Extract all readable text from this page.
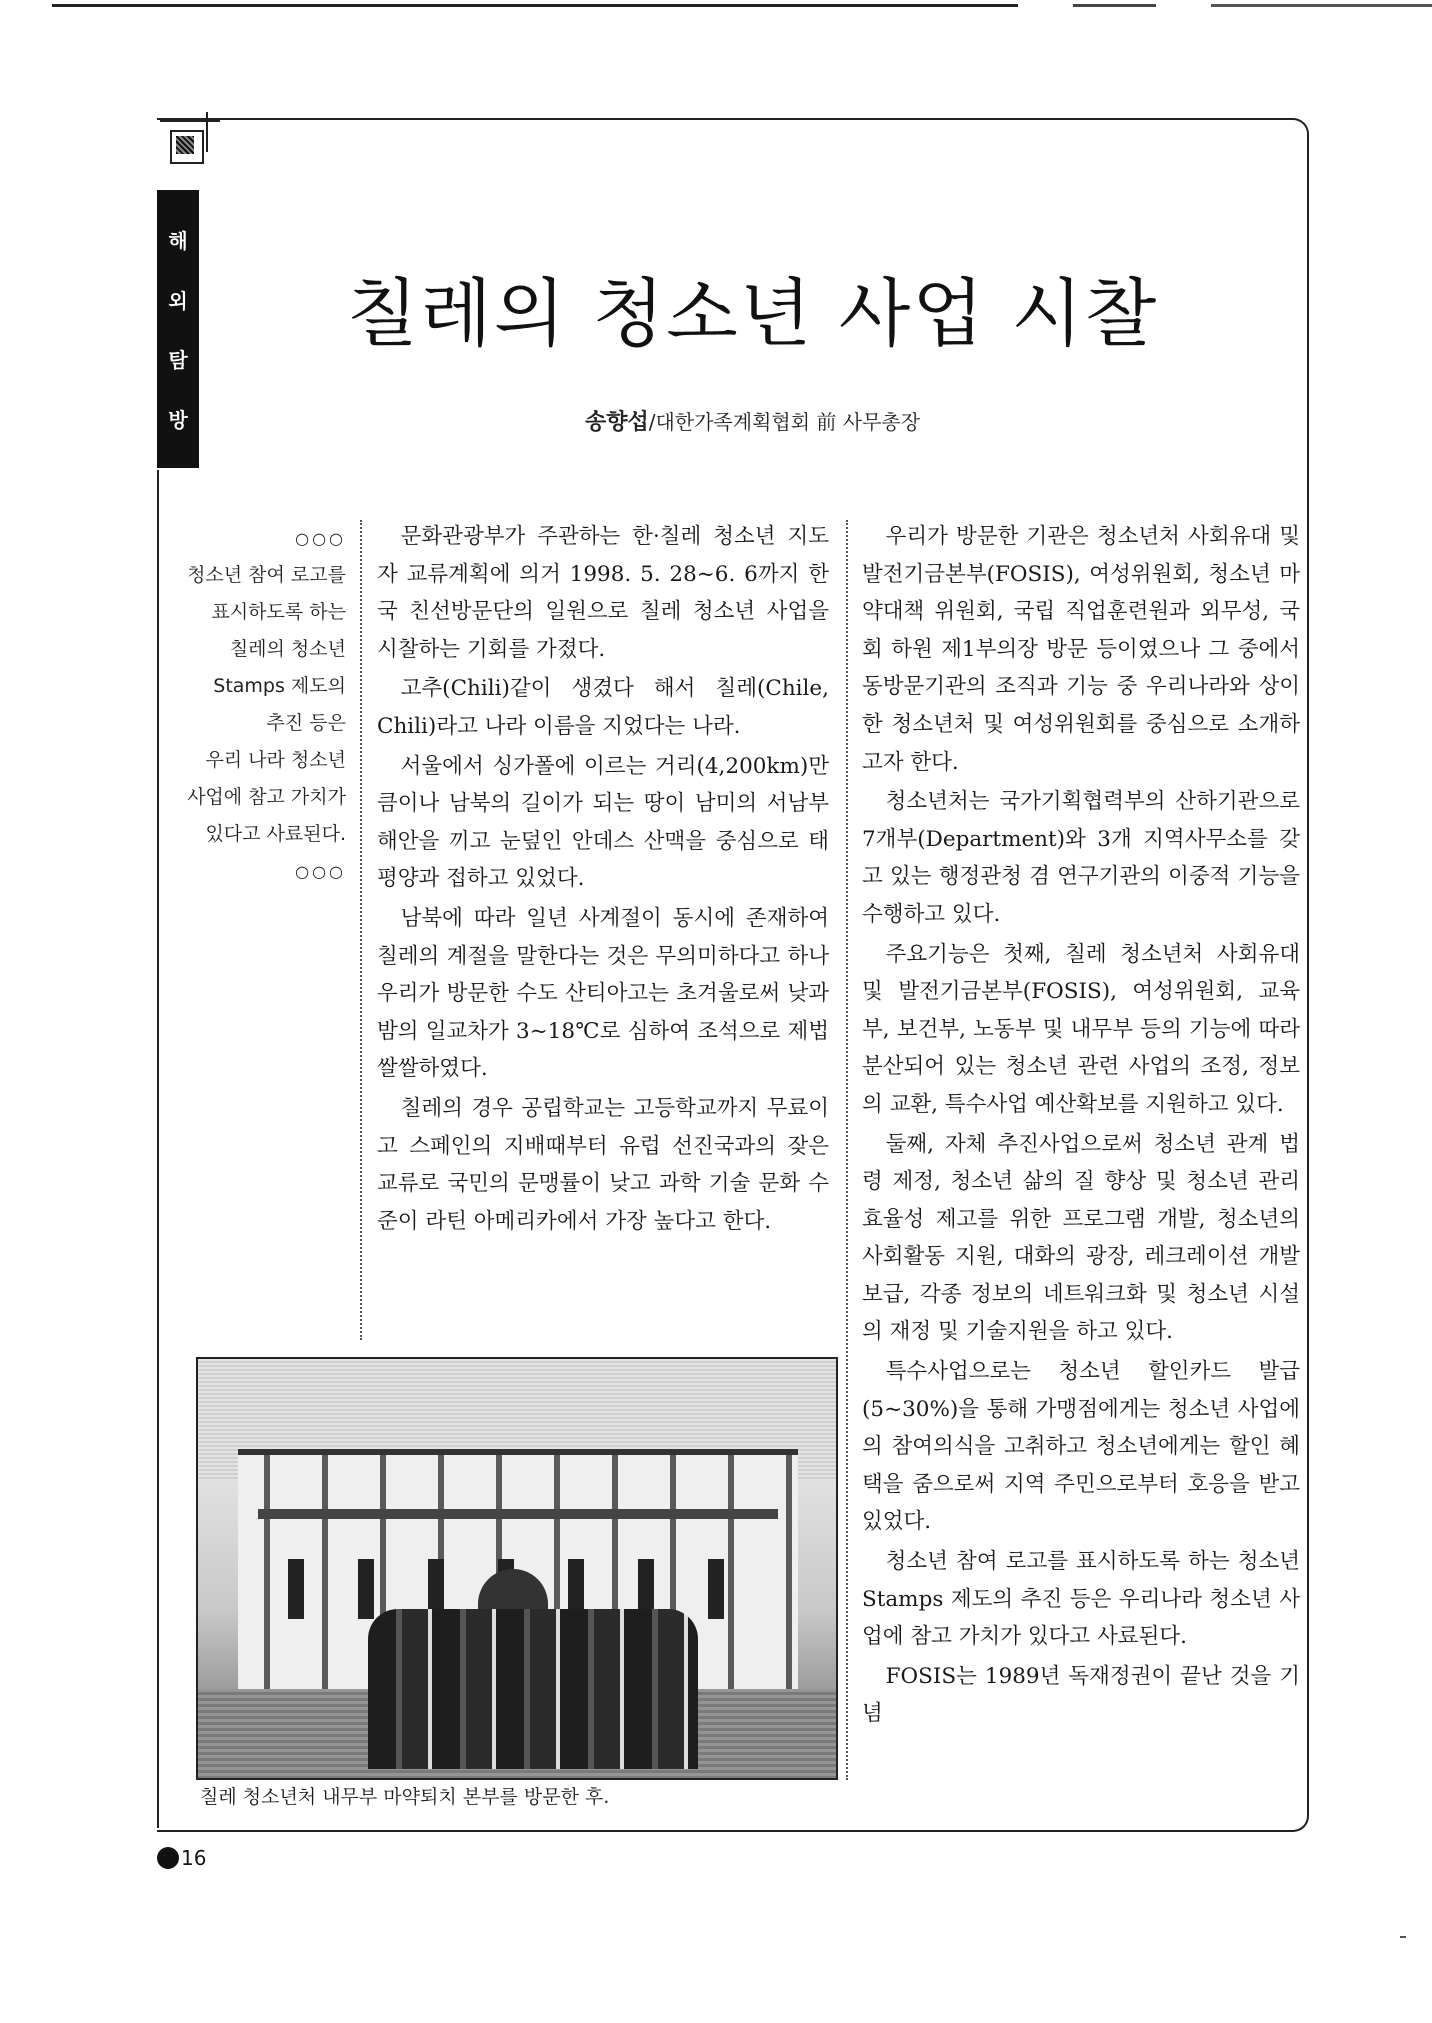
해
외
탐
방
칠레의 청소년 사업 시찰
송향섭/대한가족계획협회 前 사무총장
○○○
청소년 참여 로고를
표시하도록 하는
칠레의 청소년
Stamps 제도의
추진 등은
우리 나라 청소년
사업에 참고 가치가
있다고 사료된다.
○○○

문화관광부가 주관하는 한·칠레 청소년 지도자 교류계획에 의거 1998. 5. 28~6. 6까지 한국 친선방문단의 일원으로 칠레 청소년 사업을 시찰하는 기회를 가졌다.

고추(Chili)같이 생겼다 해서 칠레(Chile, Chili)라고 나라 이름을 지었다는 나라.

서울에서 싱가폴에 이르는 거리(4,200km)만큼이나 남북의 길이가 되는 땅이 남미의 서남부 해안을 끼고 눈덮인 안데스 산맥을 중심으로 태평양과 접하고 있었다.

남북에 따라 일년 사계절이 동시에 존재하여 칠레의 계절을 말한다는 것은 무의미하다고 하나 우리가 방문한 수도 산티아고는 초겨울로써 낮과 밤의 일교차가 3~18℃로 심하여 조석으로 제법 쌀쌀하였다.

칠레의 경우 공립학교는 고등학교까지 무료이고 스페인의 지배때부터 유럽 선진국과의 잦은 교류로 국민의 문맹률이 낮고 과학 기술 문화 수준이 라틴 아메리카에서 가장 높다고 한다.

우리가 방문한 기관은 청소년처 사회유대 및 발전기금본부(FOSIS), 여성위원회, 청소년 마약대책 위원회, 국립 직업훈련원과 외무성, 국회 하원 제1부의장 방문 등이였으나 그 중에서 동방문기관의 조직과 기능 중 우리나라와 상이한 청소년처 및 여성위원회를 중심으로 소개하고자 한다.

청소년처는 국가기획협력부의 산하기관으로 7개부(Department)와 3개 지역사무소를 갖고 있는 행정관청 겸 연구기관의 이중적 기능을 수행하고 있다.

주요기능은 첫째, 칠레 청소년처 사회유대 및 발전기금본부(FOSIS), 여성위원회, 교육부, 보건부, 노동부 및 내무부 등의 기능에 따라 분산되어 있는 청소년 관련 사업의 조정, 정보의 교환, 특수사업 예산확보를 지원하고 있다.

둘째, 자체 추진사업으로써 청소년 관계 법령 제정, 청소년 삶의 질 향상 및 청소년 관리 효율성 제고를 위한 프로그램 개발, 청소년의 사회활동 지원, 대화의 광장, 레크레이션 개발 보급, 각종 정보의 네트워크화 및 청소년 시설의 재정 및 기술지원을 하고 있다.

특수사업으로는 청소년 할인카드 발급(5~30%)을 통해 가맹점에게는 청소년 사업에의 참여의식을 고취하고 청소년에게는 할인 혜택을 줌으로써 지역 주민으로부터 호응을 받고 있었다.

청소년 참여 로고를 표시하도록 하는 청소년 Stamps 제도의 추진 등은 우리나라 청소년 사업에 참고 가치가 있다고 사료된다.

FOSIS는 1989년 독재정권이 끝난 것을 기념

칠레 청소년처 내무부 마약퇴치 본부를 방문한 후.
16
